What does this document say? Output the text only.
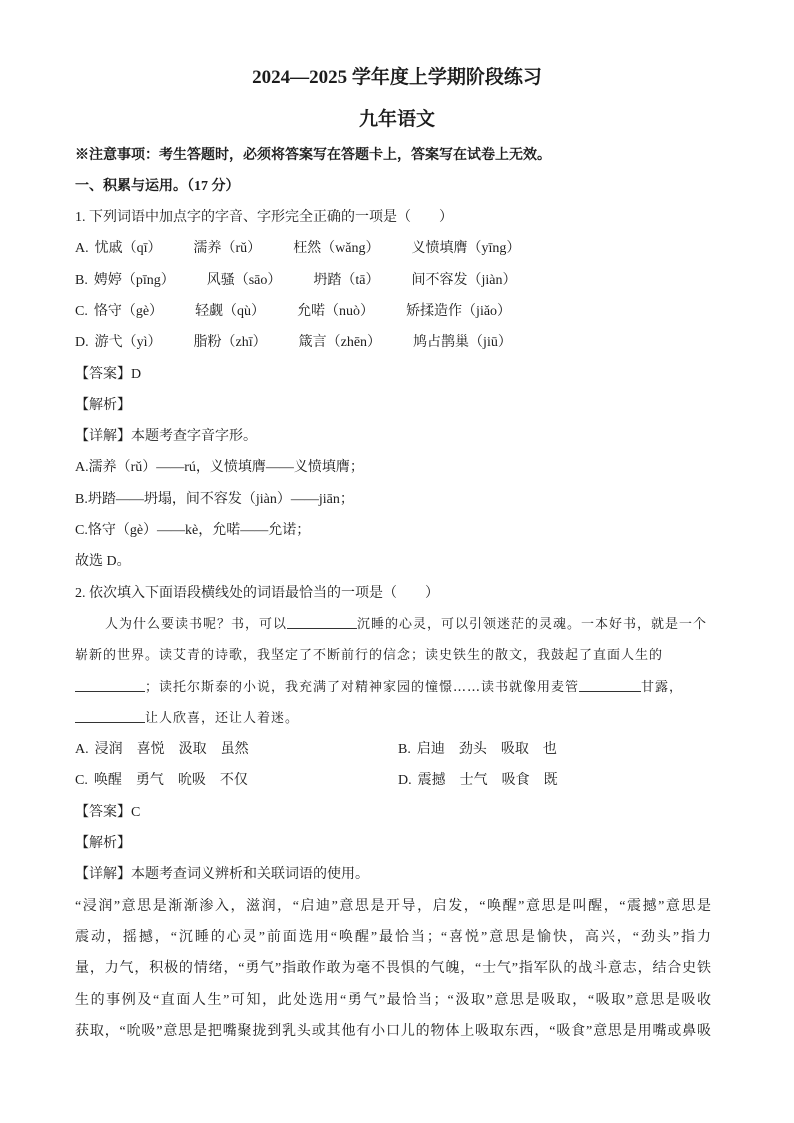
2024—2025 学年度上学期阶段练习
九年语文
※注意事项：考生答题时，必须将答案写在答题卡上，答案写在试卷上无效。
一、积累与运用。（17 分）
1. 下列词语中加点字的字音、字形完全正确的一项是（　　）
A. 忧戚（qī） 濡养（rǔ） 枉然（wǎng） 义愤填膺（yīng）
B. 娉婷（pīng） 风骚（sāo） 坍踏（tā） 间不容发（jiàn）
C. 恪守（gè） 轻觑（qù） 允喏（nuò） 矫揉造作（jiǎo）
D. 游弋（yì） 脂粉（zhī） 箴言（zhēn） 鸠占鹊巢（jiū）
【答案】D
【解析】
【详解】本题考查字音字形。
A.濡养（rǔ）——rú，义愤填膺——义愤填膺；
B.坍踏——坍塌，间不容发（jiàn）——jiān；
C.恪守（gè）——kè，允喏——允诺；
故选 D。
2. 依次填入下面语段横线处的词语最恰当的一项是（　　）
人为什么要读书呢？书，可以	沉睡的心灵，可以引领迷茫的灵魂。一本好书，就是一个
崭新的世界。读艾青的诗歌，我坚定了不断前行的信念；读史铁生的散文，我鼓起了直面人生的
；读托尔斯泰的小说，我充满了对精神家园的憧憬……读书就像用麦管	甘露，
让人欣喜，还让人着迷。
A. 浸润 喜悦 汲取 虽然	B. 启迪 劲头 吸取 也
C. 唤醒 勇气 吮吸 不仅	D. 震撼 士气 吸食 既
【答案】C
【解析】
【详解】本题考查词义辨析和关联词语的使用。
“浸润”意思是渐渐渗入，滋润，“启迪”意思是开导，启发，“唤醒”意思是叫醒，“震撼”意思是
震动，摇撼，“沉睡的心灵”前面选用“唤醒”最恰当；“喜悦”意思是愉快，高兴，“劲头”指力
量，力气，积极的情绪，“勇气”指敢作敢为毫不畏惧的气魄，“士气”指军队的战斗意志，结合史铁
生的事例及“直面人生”可知，此处选用“勇气”最恰当；“汲取”意思是吸取，“吸取”意思是吸收
获取，“吮吸”意思是把嘴聚拢到乳头或其他有小口儿的物体上吸取东西，“吸食”意思是用嘴或鼻吸
